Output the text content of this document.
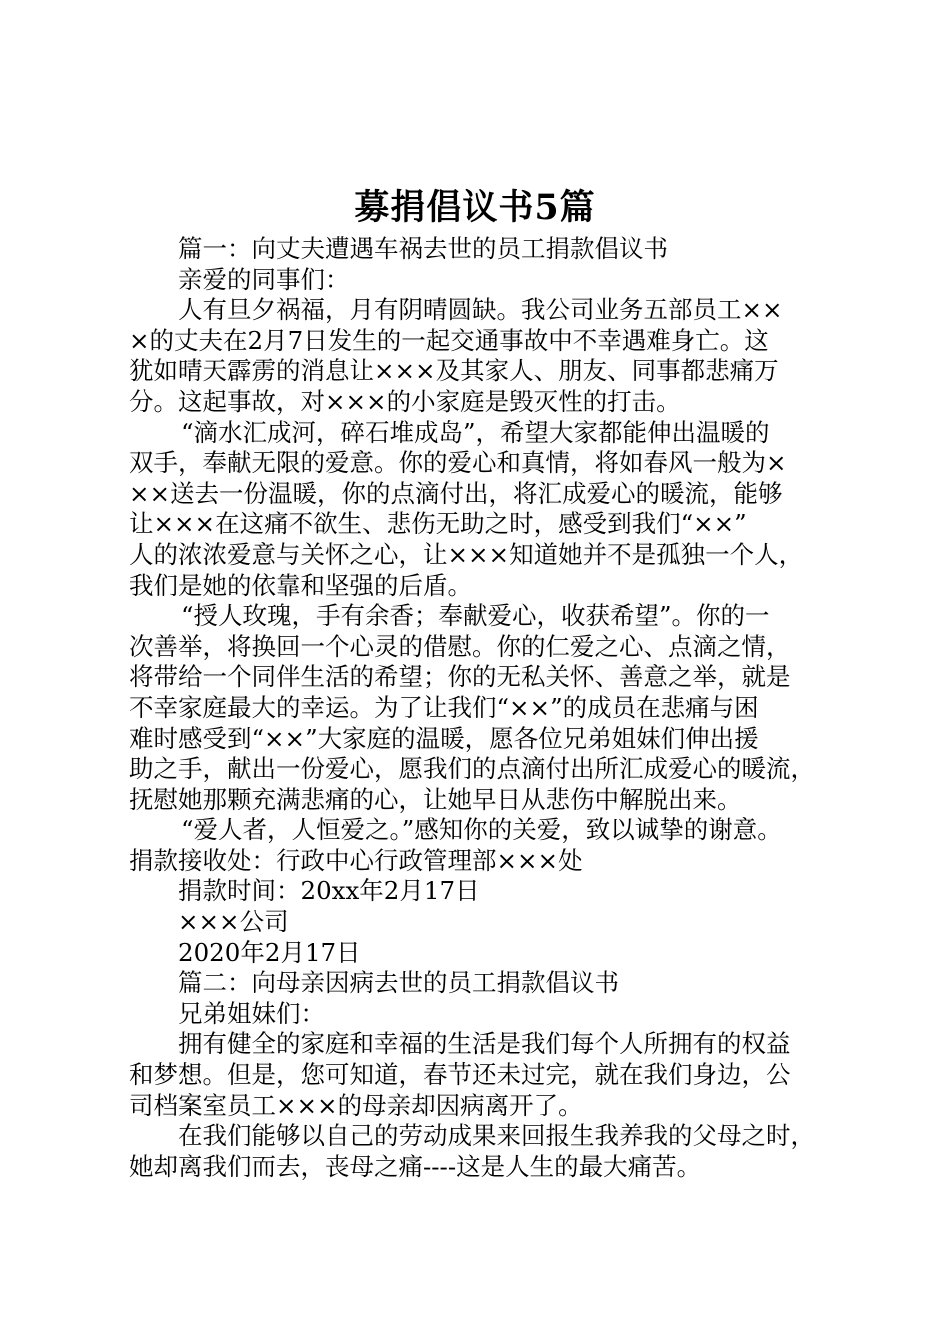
募捐倡议书5篇
篇一：向丈夫遭遇车祸去世的员工捐款倡议书
亲爱的同事们：
人有旦夕祸福，月有阴晴圆缺。我公司业务五部员工××
×的丈夫在2月7日发生的一起交通事故中不幸遇难身亡。这
犹如晴天霹雳的消息让×××及其家人、朋友、同事都悲痛万
分。这起事故，对×××的小家庭是毁灭性的打击。
“滴水汇成河，碎石堆成岛”，希望大家都能伸出温暖的
双手，奉献无限的爱意。你的爱心和真情，将如春风一般为×
××送去一份温暖，你的点滴付出，将汇成爱心的暖流，能够
让×××在这痛不欲生、悲伤无助之时，感受到我们“××”
人的浓浓爱意与关怀之心，让×××知道她并不是孤独一个人，
我们是她的依靠和坚强的后盾。
“授人玫瑰，手有余香；奉献爱心，收获希望”。你的一
次善举，将换回一个心灵的借慰。你的仁爱之心、点滴之情，
将带给一个同伴生活的希望；你的无私关怀、善意之举，就是
不幸家庭最大的幸运。为了让我们“××”的成员在悲痛与困
难时感受到“××”大家庭的温暖，愿各位兄弟姐妹们伸出援
助之手，献出一份爱心，愿我们的点滴付出所汇成爱心的暖流，
抚慰她那颗充满悲痛的心，让她早日从悲伤中解脱出来。
“爱人者，人恒爱之。”感知你的关爱，致以诚挚的谢意。
捐款接收处：行政中心行政管理部×××处
捐款时间：20xx年2月17日
×××公司
2020年2月17日
篇二：向母亲因病去世的员工捐款倡议书
兄弟姐妹们：
拥有健全的家庭和幸福的生活是我们每个人所拥有的权益
和梦想。但是，您可知道，春节还未过完，就在我们身边，公
司档案室员工×××的母亲却因病离开了。
在我们能够以自己的劳动成果来回报生我养我的父母之时，
她却离我们而去，丧母之痛----这是人生的最大痛苦。
